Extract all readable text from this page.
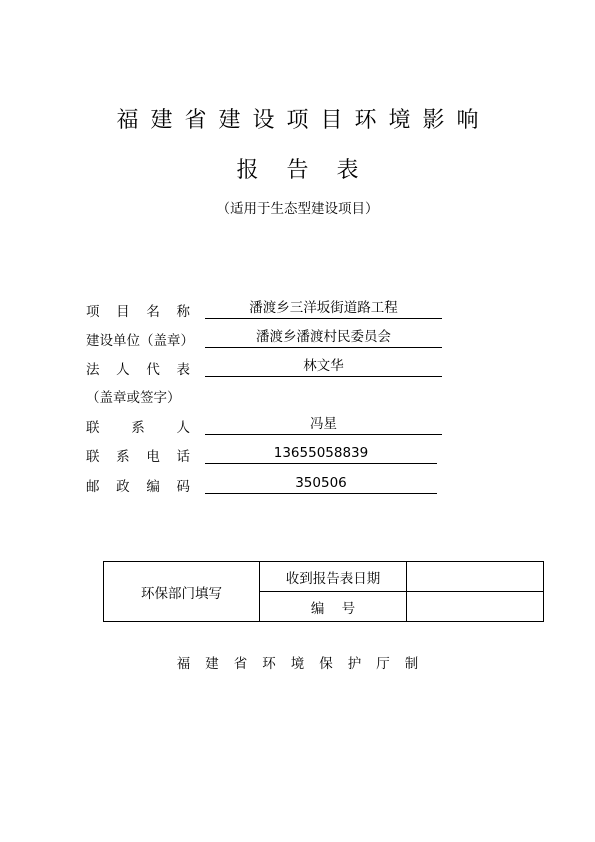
福建省建设项目环境影响
报告表
（适用于生态型建设项目）
项 目 名 称	潘渡乡三洋坂街道路工程
建设单位（盖章）	潘渡乡潘渡村民委员会
法 人 代 表	林文华
（盖章或签字）
联 系 人	冯星
联 系 电 话	13655058839
邮 政 编 码	350506
环保部门填写	收到报告表日期	
	编    号	
福建省环境保护厅制
